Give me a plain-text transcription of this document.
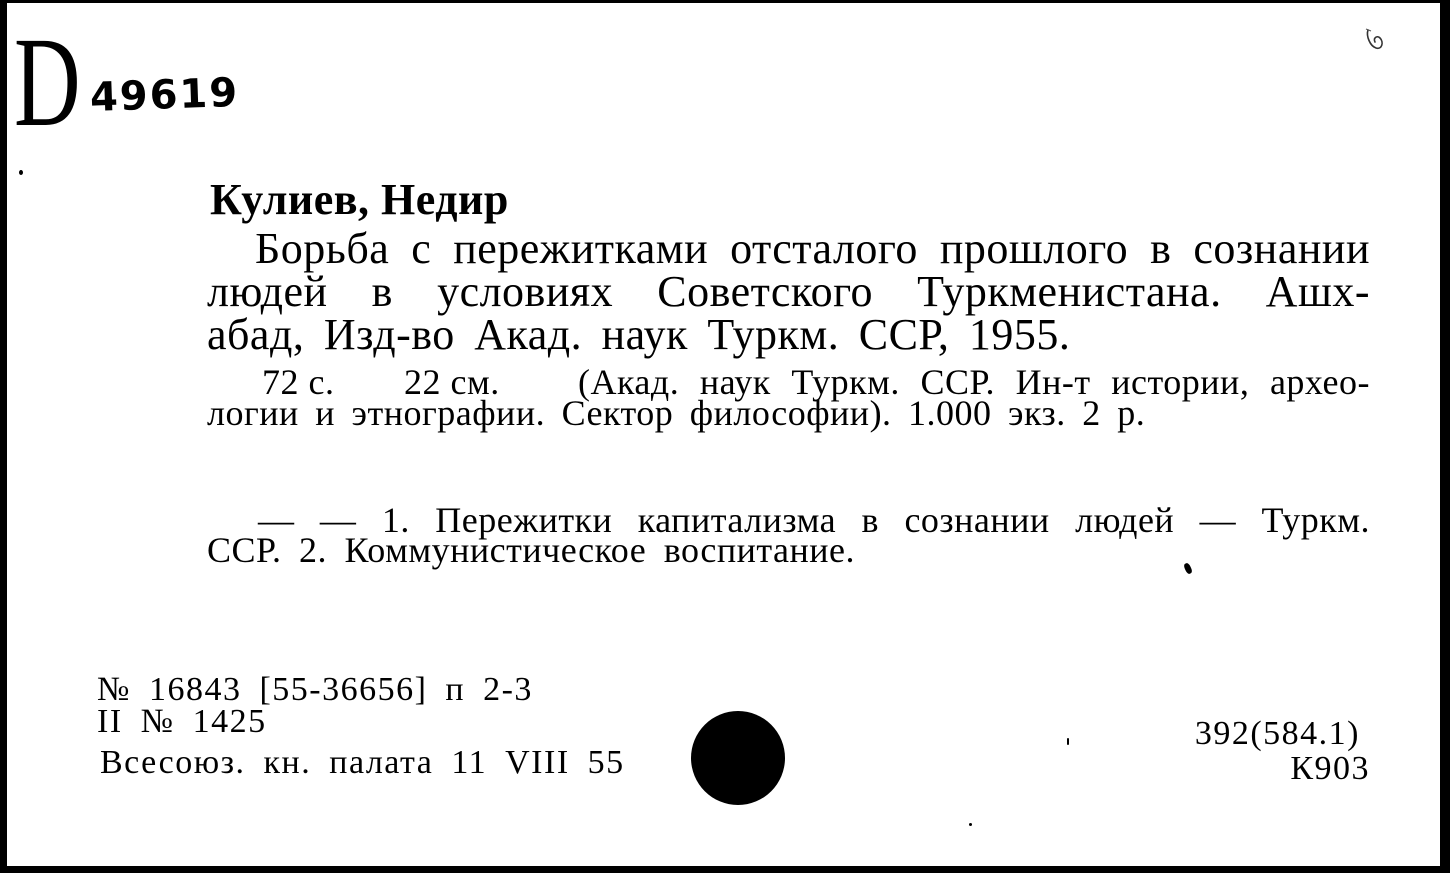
D 49619
Кулиев, Недир
Борьба с пережитками отсталого прошлого в сознании
людей в условиях Советского Туркменистана. Ашх-
абад, Изд-во Акад. наук Туркм. ССР, 1955.
72 с. 22 см. (Акад. наук Туркм. ССР. Ин-т истории, архео-
логии и этнографии. Сектор философии). 1.000 экз. 2 р.
— — 1. Пережитки капитализма в сознании людей — Туркм.
ССР. 2. Коммунистическое воспитание.
№ 16843 [55-36656] п 2-3
II № 1425
Всесоюз. кн. палата 11 VIII 55
392(584.1)
К903
